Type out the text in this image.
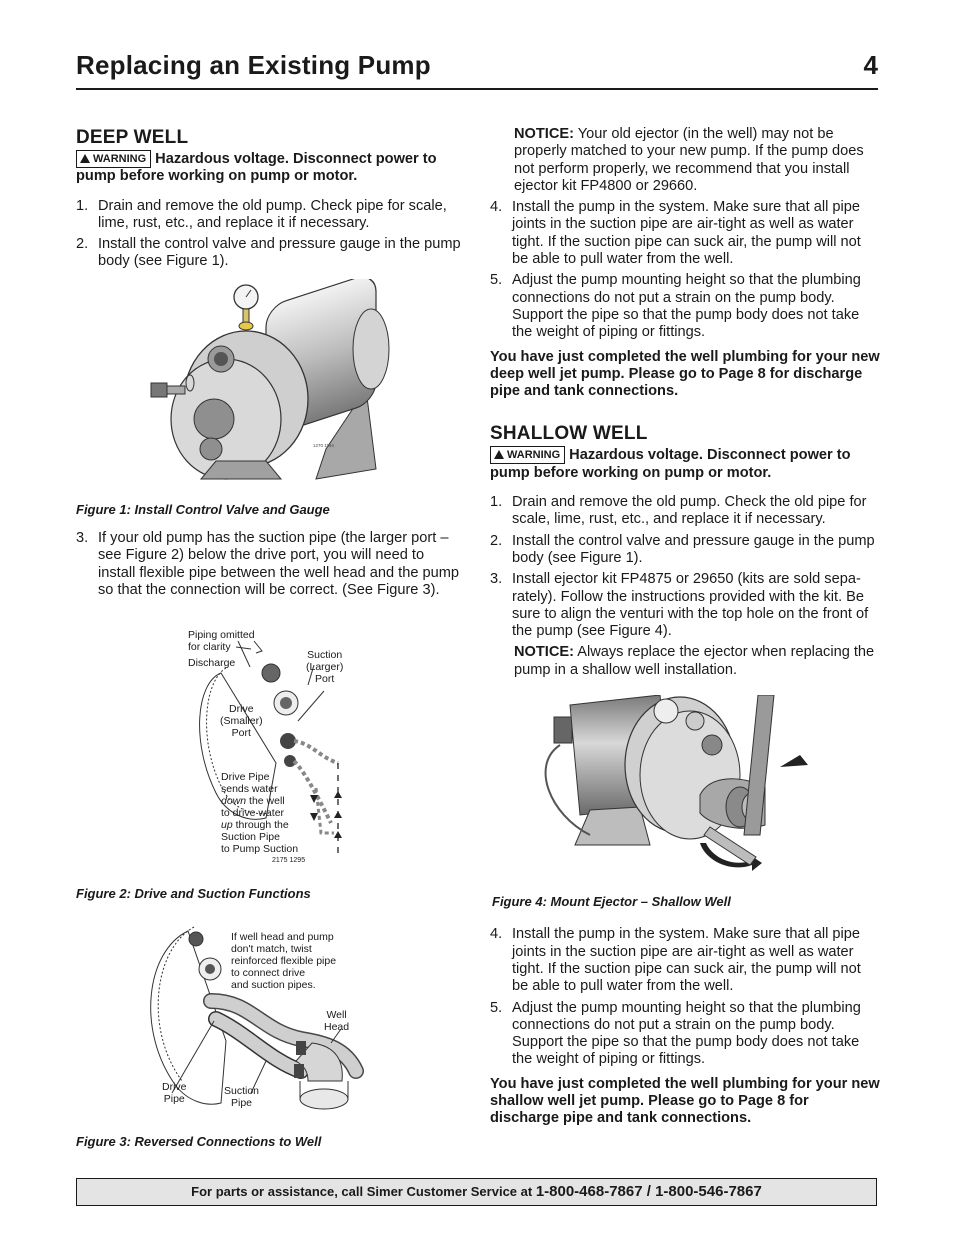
Replacing an Existing Pump	4
DEEP WELL

WARNING Hazardous voltage. Disconnect power to pump before working on pump or motor.

1. Drain and remove the old pump. Check pipe for scale, lime, rust, etc., and replace it if necessary.
2. Install the control valve and pressure gauge in the pump body (see Figure 1).
1270 1194
Figure 1: Install Control Valve and Gauge
3. If your old pump has the suction pipe (the larger port – see Figure 2) below the drive port, you will need to install flexible pipe between the well head and the pump so that the connection will be correct. (See Figure 3).
Piping omitted
for clarity
Discharge
Suction
(Larger)
Port
Drive
(Smaller)
Port
Drive Pipe
sends water
down the well
to drive water
up through the
Suction Pipe
to Pump Suction
2175 1295
Figure 2: Drive and Suction Functions
If well head and pump
don't match, twist
reinforced flexible pipe
to connect drive
and suction pipes.
Well
Head
Drive
Pipe
Suction
Pipe
Figure 3: Reversed Connections to Well

NOTICE: Your old ejector (in the well) may not be properly matched to your new pump. If the pump does not perform properly, we recommend that you install ejector kit FP4800 or 29660.

4. Install the pump in the system. Make sure that all pipe joints in the suction pipe are air-tight as well as water tight. If the suction pipe can suck air, the pump will not be able to pull water from the well.
5. Adjust the pump mounting height so that the plumbing connections do not put a strain on the pump body. Support the pipe so that the pump body does not take the weight of piping or fittings.

You have just completed the well plumbing for your new deep well jet pump. Please go to Page 8 for discharge pipe and tank connections.

SHALLOW WELL

WARNING Hazardous voltage. Disconnect power to pump before working on pump or motor.

1. Drain and remove the old pump. Check the old pipe for scale, lime, rust, etc., and replace it if necessary.
2. Install the control valve and pressure gauge in the pump body (see Figure 1).
3. Install ejector kit FP4875 or 29650 (kits are sold sepa-rately). Follow the instructions provided with the kit. Be sure to align the venturi with the top hole on the front of the pump (see Figure 4).

NOTICE: Always replace the ejector when replacing the pump in a shallow well installation.

Figure 4: Mount Ejector – Shallow Well
4. Install the pump in the system. Make sure that all pipe joints in the suction pipe are air-tight as well as water tight. If the suction pipe can suck air, the pump will not be able to pull water from the well.
5. Adjust the pump mounting height so that the plumbing connections do not put a strain on the pump body. Support the pipe so that the pump body does not take the weight of piping or fittings.

You have just completed the well plumbing for your new shallow well jet pump. Please go to Page 8 for discharge pipe and tank connections.

For parts or assistance, call Simer Customer Service at 1-800-468-7867 / 1-800-546-7867
